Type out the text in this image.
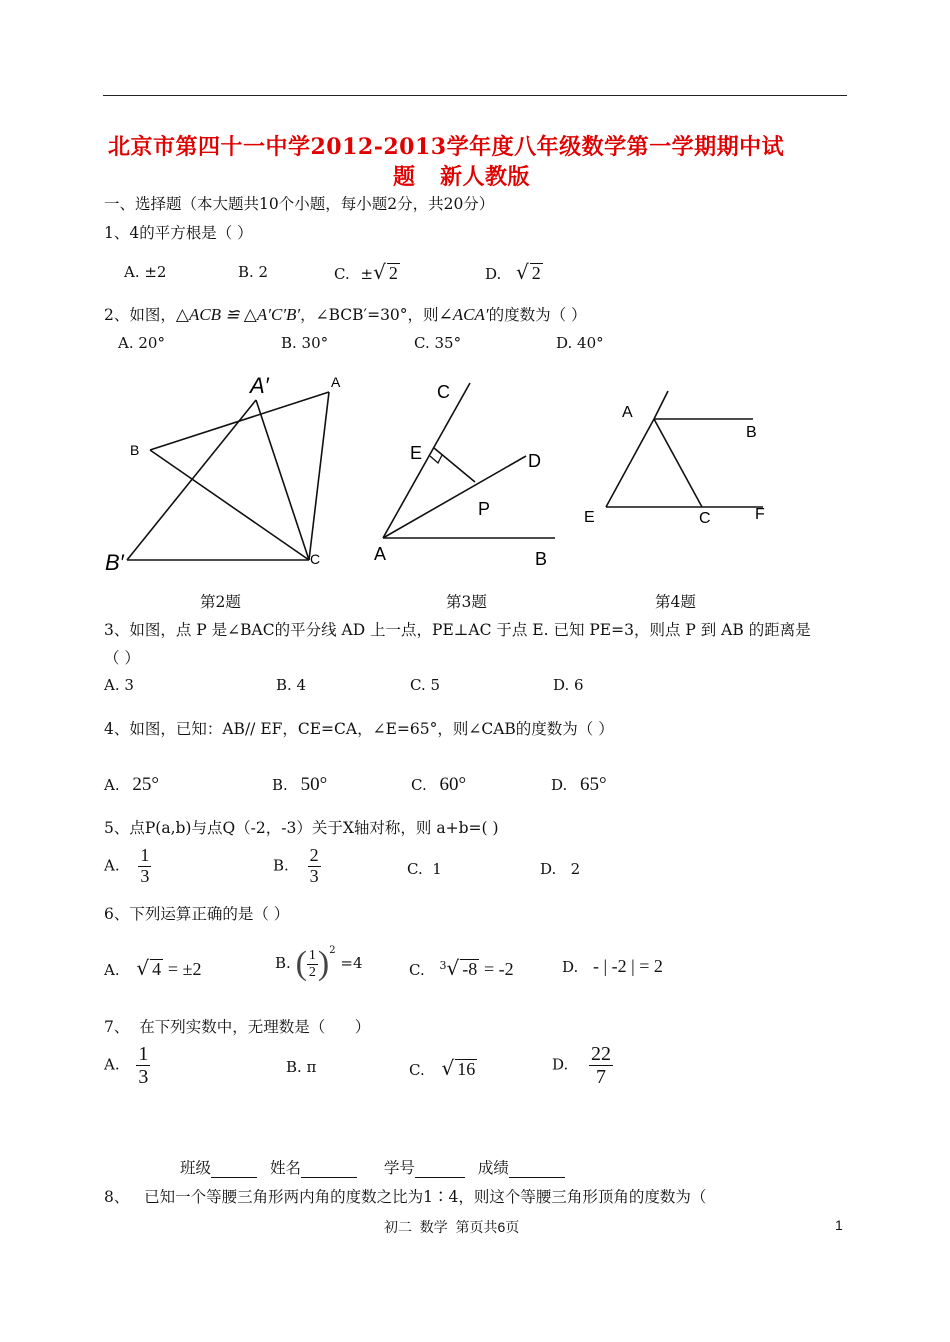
北京市第四十一中学2012-2013学年度八年级数学第一学期期中试
题   新人教版
一、选择题（本大题共10个小题，每小题2分，共20分）
1、4的平方根是（ ）
A. ±2	B. 2	C. ±√ 2	D. √ 2
2、如图，△ACB ≌ △A′C′B′，∠BCB′=30°，则∠ACA′的度数为（ ）
A. 20°	B. 30°	C. 35°	D. 40°
A′	A
B
B′	C
C
E	D
P
A	B
A
B
E	C	F
第2题	第3题	第4题
3、如图，点 P 是∠BAC的平分线 AD 上一点，PE⊥AC 于点 E. 已知 PE=3，则点 P 到 AB 的距离是
（ ）
A. 3	B. 4	C. 5	D. 6
4、如图，已知：AB// EF，CE=CA，∠E=65°，则∠CAB的度数为（ ）
A. 25°	B. 50°	C. 60°	D. 65°
5、点P(a,b)与点Q（-2，-3）关于X轴对称，则 a+b=( )
A. $\frac{1}{3}$	B. $\frac{2}{3}$	C.  1	D.   2
6、下列运算正确的是（ ）
A. √ 4 = ±2	B. ( $\frac{1}{2} )^2 =4$	C. $^3$√ -8 = -2	D. - | -2 | = 2
7、  在下列实数中，无理数是（      ）
A. $\frac{1}{3}$	B. π	C. √ 16	D. $\frac{22}{7}$
班级	姓名	学号	成绩
8、   已知一个等腰三角形两内角的度数之比为1∶4，则这个等腰三角形顶角的度数为（
初二  数学  第页共6页	1
